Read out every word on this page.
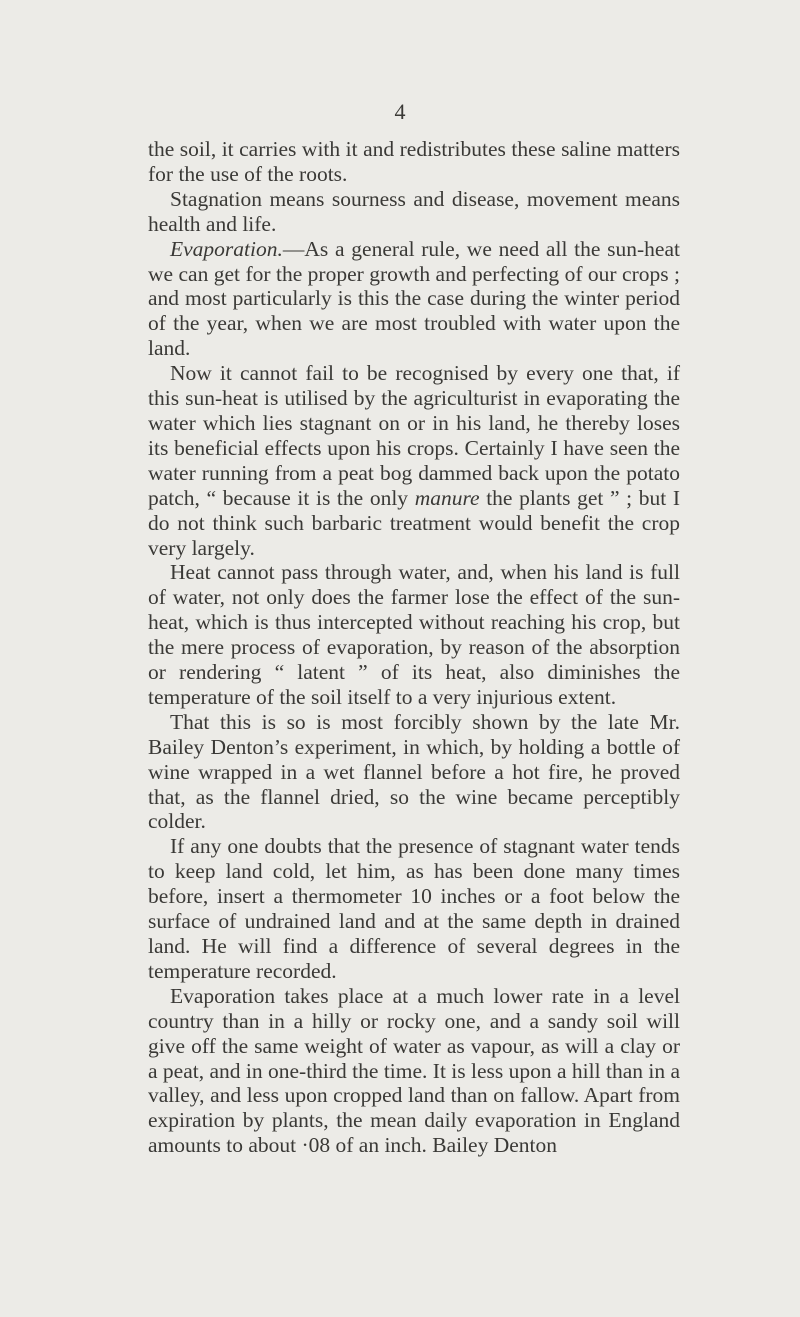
4

the soil, it carries with it and redistributes these saline matters for the use of the roots.

Stagnation means sourness and disease, movement means health and life.

Evaporation.—As a general rule, we need all the sun-heat we can get for the proper growth and perfecting of our crops ; and most particularly is this the case during the winter period of the year, when we are most troubled with water upon the land.

Now it cannot fail to be recognised by every one that, if this sun-heat is utilised by the agriculturist in evaporating the water which lies stagnant on or in his land, he thereby loses its beneficial effects upon his crops. Certainly I have seen the water running from a peat bog dammed back upon the potato patch, “ because it is the only manure the plants get ” ; but I do not think such barbaric treatment would benefit the crop very largely.

Heat cannot pass through water, and, when his land is full of water, not only does the farmer lose the effect of the sun-heat, which is thus intercepted without reaching his crop, but the mere process of evaporation, by reason of the absorption or rendering “ latent ” of its heat, also diminishes the temperature of the soil itself to a very injurious extent.

That this is so is most forcibly shown by the late Mr. Bailey Denton’s experiment, in which, by holding a bottle of wine wrapped in a wet flannel before a hot fire, he proved that, as the flannel dried, so the wine became perceptibly colder.

If any one doubts that the presence of stagnant water tends to keep land cold, let him, as has been done many times before, insert a thermometer 10 inches or a foot below the surface of undrained land and at the same depth in drained land. He will find a difference of several degrees in the temperature recorded.

Evaporation takes place at a much lower rate in a level country than in a hilly or rocky one, and a sandy soil will give off the same weight of water as vapour, as will a clay or a peat, and in one-third the time. It is less upon a hill than in a valley, and less upon cropped land than on fallow. Apart from expiration by plants, the mean daily evaporation in England amounts to about ·08 of an inch. Bailey Denton
